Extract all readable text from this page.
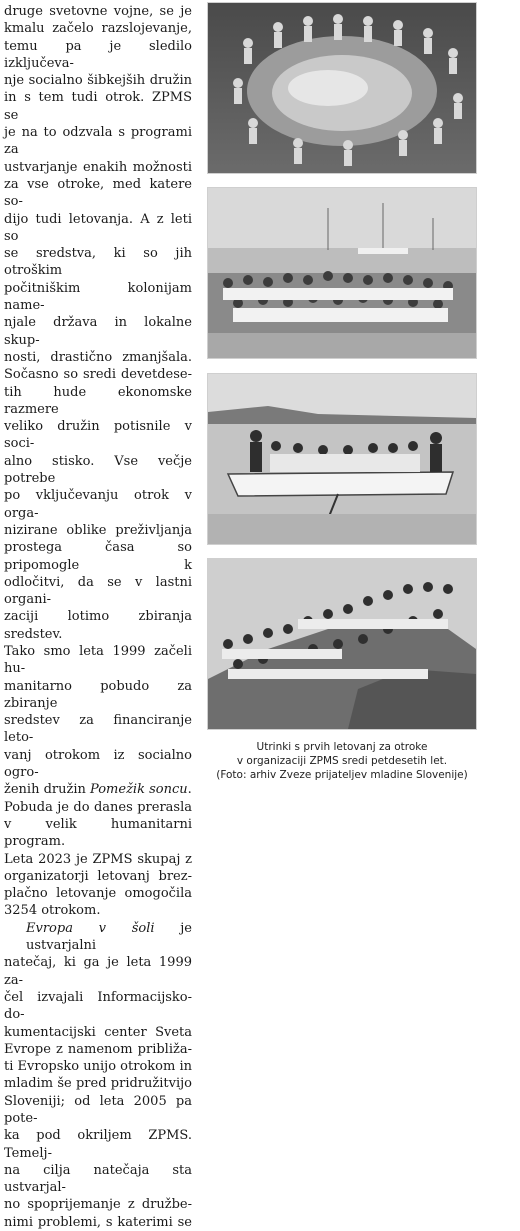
druge svetovne vojne, se je
kmalu začelo razslojevanje,
temu pa je sledilo izključeva-
nje socialno šibkejših družin
in s tem tudi otrok. ZPMS se
je na to odzvala s programi za
ustvarjanje enakih možnosti
za vse otroke, med katere so-
dijo tudi letovanja. A z leti so
se sredstva, ki so jih otroškim
počitniškim kolonijam name-
njale država in lokalne skup-
nosti, drastično zmanjšala.
Sočasno so sredi devetdese-
tih hude ekonomske razmere
veliko družin potisnile v soci-
alno stisko. Vse večje potrebe
po vključevanju otrok v orga-
nizirane oblike preživljanja
prostega časa so pripomogle k
odločitvi, da se v lastni organi-
zaciji lotimo zbiranja sredstev.
Tako smo leta 1999 začeli hu-
manitarno pobudo za zbiranje
sredstev za financiranje leto-
vanj otrokom iz socialno ogro-
ženih družin Pomežik soncu.
Pobuda je do danes prerasla
v velik humanitarni program.
Leta 2023 je ZPMS skupaj z
organizatorji letovanj brez-
plačno letovanje omogočila
3254 otrokom.
Evropa v šoli je ustvarjalni
natečaj, ki ga je leta 1999 za-
čel izvajali Informacijsko-do-
kumentacijski center Sveta
Evrope z namenom približa-
ti Evropsko unijo otrokom in
mladim še pred pridružitvijo
Sloveniji; od leta 2005 pa pote-
ka pod okriljem ZPMS. Temelj-
na cilja natečaja sta ustvarjal-
no spoprijemanje z družbe-
nimi problemi, s katerimi se
Utrinki s prvih letovanj za otroke
v organizaciji ZPMS sredi petdesetih let.
(Foto: arhiv Zveze prijateljev mladine Slovenije)
